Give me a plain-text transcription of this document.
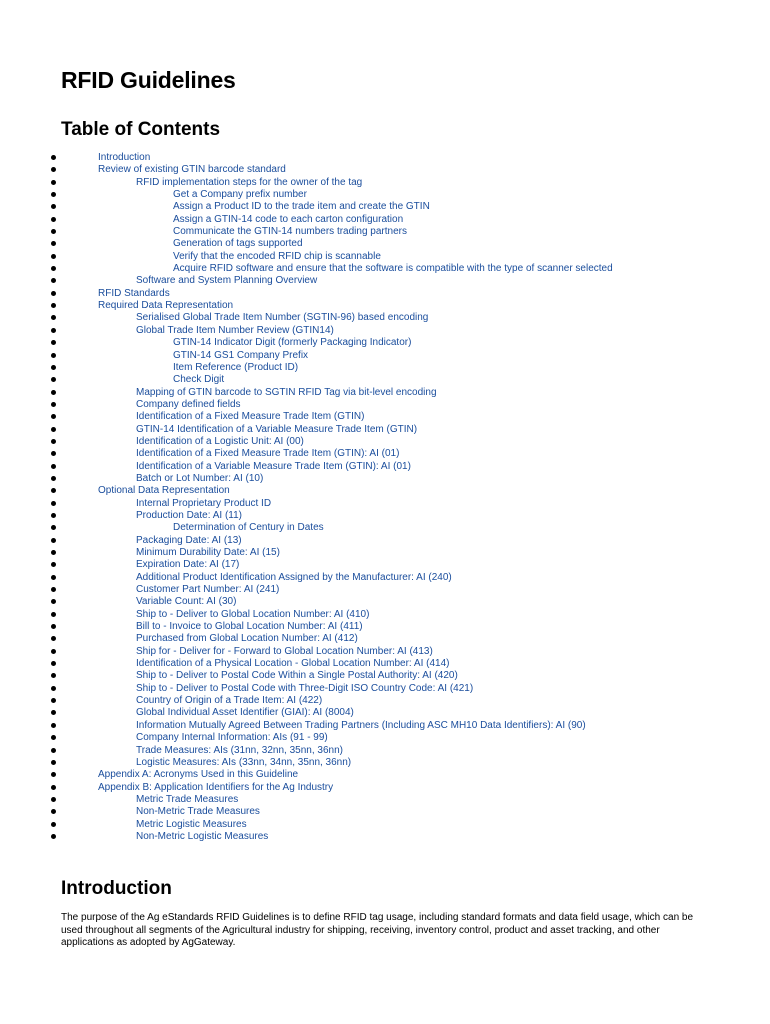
RFID Guidelines
Table of Contents
Introduction
Review of existing GTIN barcode standard
RFID implementation steps for the owner of the tag
Get a Company prefix number
Assign a Product ID to the trade item and create the GTIN
Assign a GTIN-14 code to each carton configuration
Communicate the GTIN-14 numbers trading partners
Generation of tags supported
Verify that the encoded RFID chip is scannable
Acquire RFID software and ensure that the software is compatible with the type of scanner selected
Software and System Planning Overview
RFID Standards
Required Data Representation
Serialised Global Trade Item Number (SGTIN-96) based encoding
Global Trade Item Number Review (GTIN14)
GTIN-14 Indicator Digit (formerly Packaging Indicator)
GTIN-14 GS1 Company Prefix
Item Reference (Product ID)
Check Digit
Mapping of GTIN barcode to SGTIN RFID Tag via bit-level encoding
Company defined fields
Identification of a Fixed Measure Trade Item (GTIN)
GTIN-14 Identification of a Variable Measure Trade Item (GTIN)
Identification of a Logistic Unit: AI (00)
Identification of a Fixed Measure Trade Item (GTIN): AI (01)
Identification of a Variable Measure Trade Item (GTIN): AI (01)
Batch or Lot Number: AI (10)
Optional Data Representation
Internal Proprietary Product ID
Production Date: AI (11)
Determination of Century in Dates
Packaging Date: AI (13)
Minimum Durability Date: AI (15)
Expiration Date: AI (17)
Additional Product Identification Assigned by the Manufacturer: AI (240)
Customer Part Number: AI (241)
Variable Count: AI (30)
Ship to - Deliver to Global Location Number: AI (410)
Bill to - Invoice to Global Location Number: AI (411)
Purchased from Global Location Number: AI (412)
Ship for - Deliver for - Forward to Global Location Number: AI (413)
Identification of a Physical Location - Global Location Number: AI (414)
Ship to - Deliver to Postal Code Within a Single Postal Authority: AI (420)
Ship to - Deliver to Postal Code with Three-Digit ISO Country Code: AI (421)
Country of Origin of a Trade Item: AI (422)
Global Individual Asset Identifier (GIAI): AI (8004)
Information Mutually Agreed Between Trading Partners (Including ASC MH10 Data Identifiers): AI (90)
Company Internal Information: AIs (91 - 99)
Trade Measures: AIs (31nn, 32nn, 35nn, 36nn)
Logistic Measures: AIs (33nn, 34nn, 35nn, 36nn)
Appendix A: Acronyms Used in this Guideline
Appendix B: Application Identifiers for the Ag Industry
Metric Trade Measures
Non-Metric Trade Measures
Metric Logistic Measures
Non-Metric Logistic Measures
Introduction

The purpose of the Ag eStandards RFID Guidelines is to define RFID tag usage, including standard formats and data field usage, which can be used throughout all segments of the Agricultural industry for shipping, receiving, inventory control, product and asset tracking, and other applications as adopted by AgGateway.
